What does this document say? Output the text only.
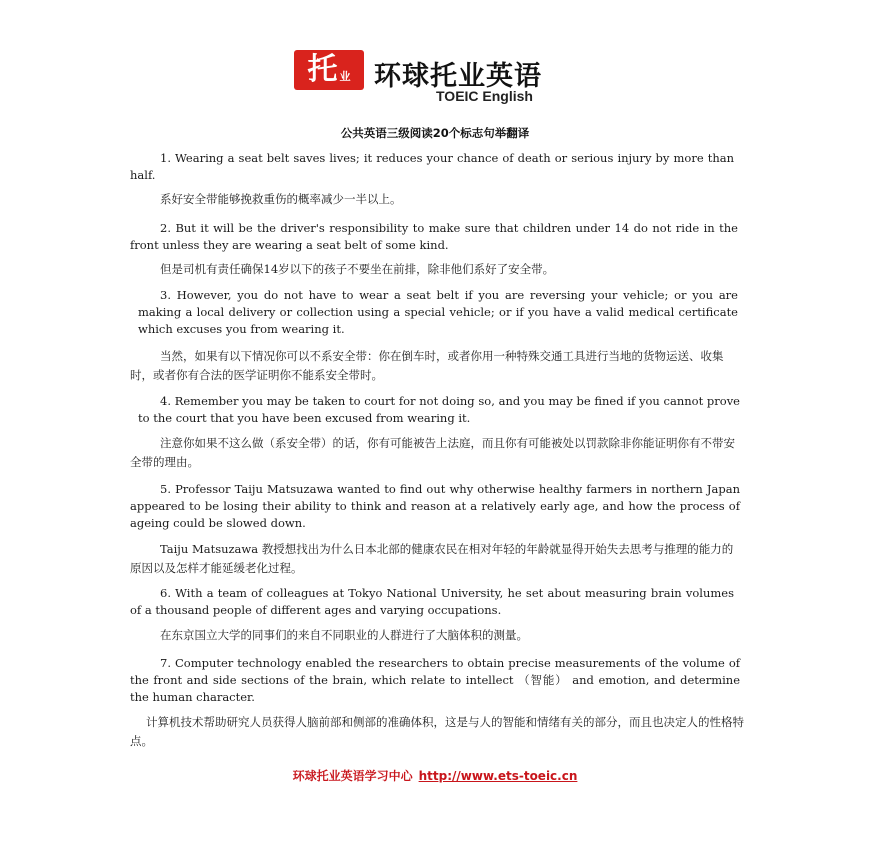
托 业 环球托业英语
TOEIC English
公共英语三级阅读20个标志句举翻译
1. Wearing a seat belt saves lives; it reduces your chance of death or serious injury by more than half.
系好安全带能够挽救重伤的概率减少一半以上。
2. But it will be the driver's responsibility to make sure that children under 14 do not ride in the front unless they are wearing a seat belt of some kind.
但是司机有责任确保14岁以下的孩子不要坐在前排，除非他们系好了安全带。
3. However, you do not have to wear a seat belt if you are reversing your vehicle; or you are making a local delivery or collection using a special vehicle; or if you have a valid medical certificate which excuses you from wearing it.
当然，如果有以下情况你可以不系安全带：你在倒车时，或者你用一种特殊交通工具进行当地的货物运送、收集时，或者你有合法的医学证明你不能系安全带时。
4. Remember you may be taken to court for not doing so, and you may be fined if you cannot prove to the court that you have been excused from wearing it.
注意你如果不这么做（系安全带）的话，你有可能被告上法庭，而且你有可能被处以罚款除非你能证明你有不带安全带的理由。
5. Professor Taiju Matsuzawa wanted to find out why otherwise healthy farmers in northern Japan appeared to be losing their ability to think and reason at a relatively early age, and how the process of ageing could be slowed down.
Taiju Matsuzawa 教授想找出为什么日本北部的健康农民在相对年轻的年龄就显得开始失去思考与推理的能力的原因以及怎样才能延缓老化过程。
6. With a team of colleagues at Tokyo National University, he set about measuring brain volumes of a thousand people of different ages and varying occupations.
在东京国立大学的同事们的来自不同职业的人群进行了大脑体积的测量。
7. Computer technology enabled the researchers to obtain precise measurements of the volume of the front and side sections of the brain, which relate to intellect （智能） and emotion, and determine the human character.
计算机技术帮助研究人员获得人脑前部和侧部的准确体积，这是与人的智能和情绪有关的部分，而且也决定人的性格特点。
环球托业英语学习中心 http://www.ets-toeic.cn
